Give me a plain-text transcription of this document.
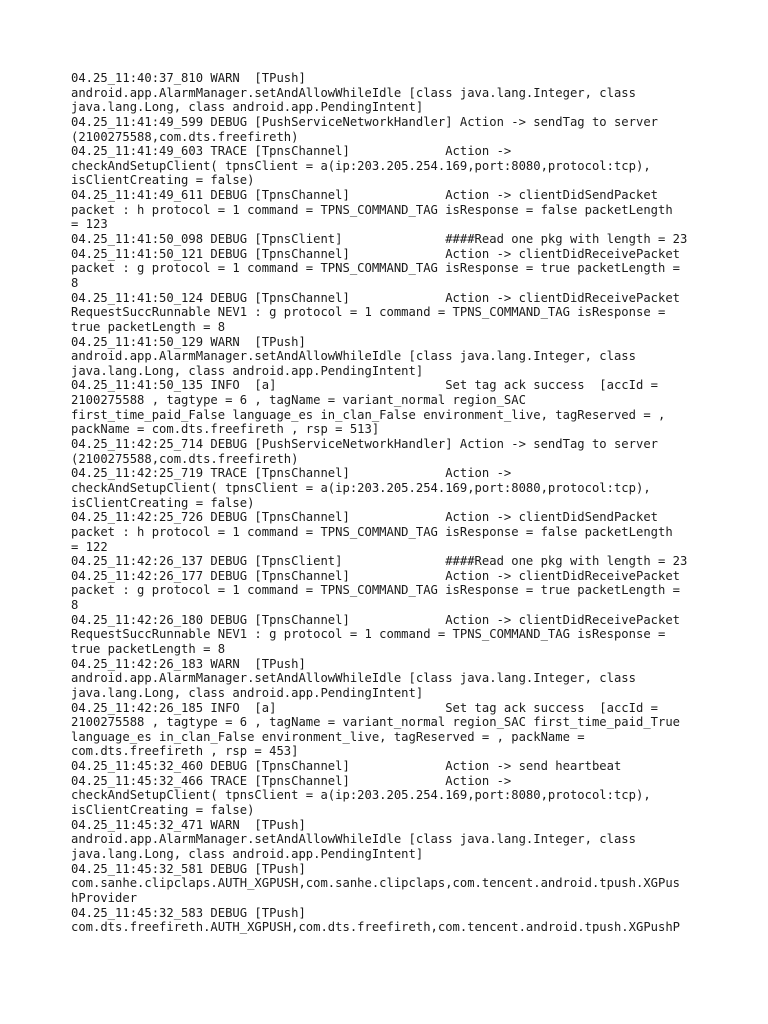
04.25_11:40:37_810 WARN  [TPush]
android.app.AlarmManager.setAndAllowWhileIdle [class java.lang.Integer, class
java.lang.Long, class android.app.PendingIntent]
04.25_11:41:49_599 DEBUG [PushServiceNetworkHandler] Action -> sendTag to server
(2100275588,com.dts.freefireth)
04.25_11:41:49_603 TRACE [TpnsChannel]             Action ->
checkAndSetupClient( tpnsClient = a(ip:203.205.254.169,port:8080,protocol:tcp),
isClientCreating = false)
04.25_11:41:49_611 DEBUG [TpnsChannel]             Action -> clientDidSendPacket
packet : h protocol = 1 command = TPNS_COMMAND_TAG isResponse = false packetLength
= 123
04.25_11:41:50_098 DEBUG [TpnsClient]              ####Read one pkg with length = 23
04.25_11:41:50_121 DEBUG [TpnsChannel]             Action -> clientDidReceivePacket
packet : g protocol = 1 command = TPNS_COMMAND_TAG isResponse = true packetLength =
8
04.25_11:41:50_124 DEBUG [TpnsChannel]             Action -> clientDidReceivePacket
RequestSuccRunnable NEV1 : g protocol = 1 command = TPNS_COMMAND_TAG isResponse =
true packetLength = 8
04.25_11:41:50_129 WARN  [TPush]
android.app.AlarmManager.setAndAllowWhileIdle [class java.lang.Integer, class
java.lang.Long, class android.app.PendingIntent]
04.25_11:41:50_135 INFO  [a]                       Set tag ack success  [accId =
2100275588 , tagtype = 6 , tagName = variant_normal region_SAC
first_time_paid_False language_es in_clan_False environment_live, tagReserved = ,
packName = com.dts.freefireth , rsp = 513]
04.25_11:42:25_714 DEBUG [PushServiceNetworkHandler] Action -> sendTag to server
(2100275588,com.dts.freefireth)
04.25_11:42:25_719 TRACE [TpnsChannel]             Action ->
checkAndSetupClient( tpnsClient = a(ip:203.205.254.169,port:8080,protocol:tcp),
isClientCreating = false)
04.25_11:42:25_726 DEBUG [TpnsChannel]             Action -> clientDidSendPacket
packet : h protocol = 1 command = TPNS_COMMAND_TAG isResponse = false packetLength
= 122
04.25_11:42:26_137 DEBUG [TpnsClient]              ####Read one pkg with length = 23
04.25_11:42:26_177 DEBUG [TpnsChannel]             Action -> clientDidReceivePacket
packet : g protocol = 1 command = TPNS_COMMAND_TAG isResponse = true packetLength =
8
04.25_11:42:26_180 DEBUG [TpnsChannel]             Action -> clientDidReceivePacket
RequestSuccRunnable NEV1 : g protocol = 1 command = TPNS_COMMAND_TAG isResponse =
true packetLength = 8
04.25_11:42:26_183 WARN  [TPush]
android.app.AlarmManager.setAndAllowWhileIdle [class java.lang.Integer, class
java.lang.Long, class android.app.PendingIntent]
04.25_11:42:26_185 INFO  [a]                       Set tag ack success  [accId =
2100275588 , tagtype = 6 , tagName = variant_normal region_SAC first_time_paid_True
language_es in_clan_False environment_live, tagReserved = , packName =
com.dts.freefireth , rsp = 453]
04.25_11:45:32_460 DEBUG [TpnsChannel]             Action -> send heartbeat
04.25_11:45:32_466 TRACE [TpnsChannel]             Action ->
checkAndSetupClient( tpnsClient = a(ip:203.205.254.169,port:8080,protocol:tcp),
isClientCreating = false)
04.25_11:45:32_471 WARN  [TPush]
android.app.AlarmManager.setAndAllowWhileIdle [class java.lang.Integer, class
java.lang.Long, class android.app.PendingIntent]
04.25_11:45:32_581 DEBUG [TPush]
com.sanhe.clipclaps.AUTH_XGPUSH,com.sanhe.clipclaps,com.tencent.android.tpush.XGPus
hProvider
04.25_11:45:32_583 DEBUG [TPush]
com.dts.freefireth.AUTH_XGPUSH,com.dts.freefireth,com.tencent.android.tpush.XGPushP
